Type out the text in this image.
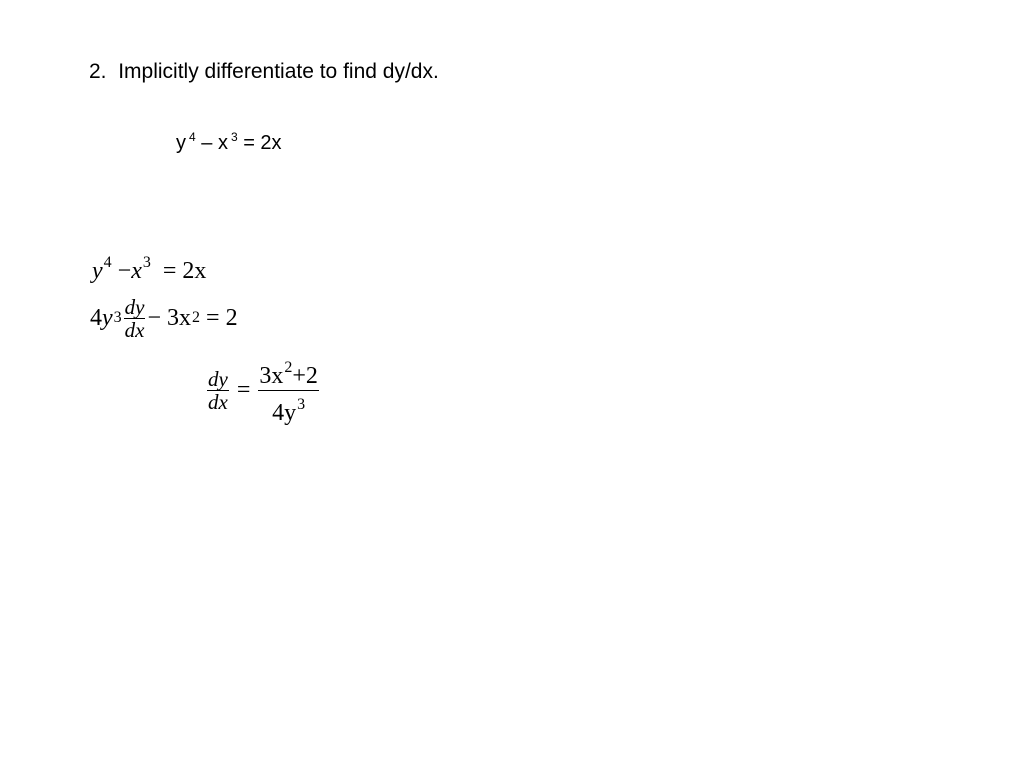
2. Implicitly differentiate to find dy/dx.
y $^4$ – x $^3$ = 2x
$y^4 -x^3 = 2x$
4 y $3 \frac{dy}{dx}$ −
3x 2
=
2
$\frac{dy}{dx}$
=
$\frac{3x^2+2}{4y^3}$
